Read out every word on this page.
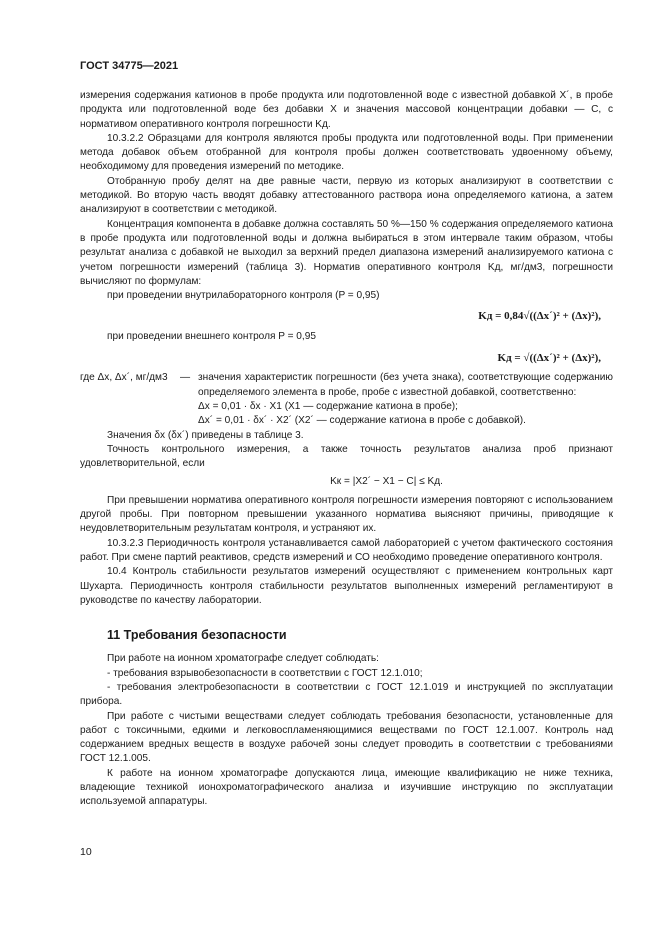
ГОСТ 34775—2021

измерения содержания катионов в пробе продукта или подготовленной воде с известной добавкой X´, в пробе продукта или подготовленной воде без добавки X и значения массовой концентрации добавки — C, с нормативом оперативного контроля погрешности Kд.

10.3.2.2 Образцами для контроля являются пробы продукта или подготовленной воды. При применении метода добавок объем отобранной для контроля пробы должен соответствовать удвоенному объему, необходимому для проведения измерений по методике.

Отобранную пробу делят на две равные части, первую из которых анализируют в соответствии с методикой. Во вторую часть вводят добавку аттестованного раствора иона определяемого катиона, а затем анализируют в соответствии с методикой.

Концентрация компонента в добавке должна составлять 50 %—150 % содержания определяемого катиона в пробе продукта или подготовленной воды и должна выбираться в этом интервале таким образом, чтобы результат анализа с добавкой не выходил за верхний предел диапазона измерений анализируемого катиона с учетом погрешности измерений (таблица 3). Норматив оперативного контроля Kд, мг/дм3, погрешности вычисляют по формулам:

при проведении внутрилабораторного контроля (P = 0,95)

Kд = 0,84√((Δx´)² + (Δx)²),

при проведении внешнего контроля P = 0,95

Kд = √((Δx´)² + (Δx)²),

где Δx, Δx´, мг/дм3	—	значения характеристик погрешности (без учета знака), соответствующие содержанию определяемого элемента в пробе, пробе с известной добавкой, соответственно:
Δx = 0,01 · δx · X1 (X1 — содержание катиона в пробе);
Δx´ = 0,01 · δx´ · X2´ (X2´ — содержание катиона в пробе с добавкой).

Значения δx (δx´) приведены в таблице 3.

Точность контрольного измерения, а также точность результатов анализа проб признают удовлетворительной, если

Kк = |X2´ − X1 − C| ≤ Kд.

При превышении норматива оперативного контроля погрешности измерения повторяют с использованием другой пробы. При повторном превышении указанного норматива выясняют причины, приводящие к неудовлетворительным результатам контроля, и устраняют их.

10.3.2.3 Периодичность контроля устанавливается самой лабораторией с учетом фактического состояния работ. При смене партий реактивов, средств измерений и СО необходимо проведение оперативного контроля.

10.4 Контроль стабильности результатов измерений осуществляют с применением контрольных карт Шухарта. Периодичность контроля стабильности результатов выполненных измерений регламентируют в руководстве по качеству лаборатории.

11 Требования безопасности

При работе на ионном хроматографе следует соблюдать:

- требования взрывобезопасности в соответствии с ГОСТ 12.1.010;

- требования электробезопасности в соответствии с ГОСТ 12.1.019 и инструкцией по эксплуатации прибора.

При работе с чистыми веществами следует соблюдать требования безопасности, установленные для работ с токсичными, едкими и легковоспламеняющимися веществами по ГОСТ 12.1.007. Контроль над содержанием вредных веществ в воздухе рабочей зоны следует проводить в соответствии с требованиями ГОСТ 12.1.005.

К работе на ионном хроматографе допускаются лица, имеющие квалификацию не ниже техника, владеющие техникой ионохроматографического анализа и изучившие инструкцию по эксплуатации используемой аппаратуры.

10
